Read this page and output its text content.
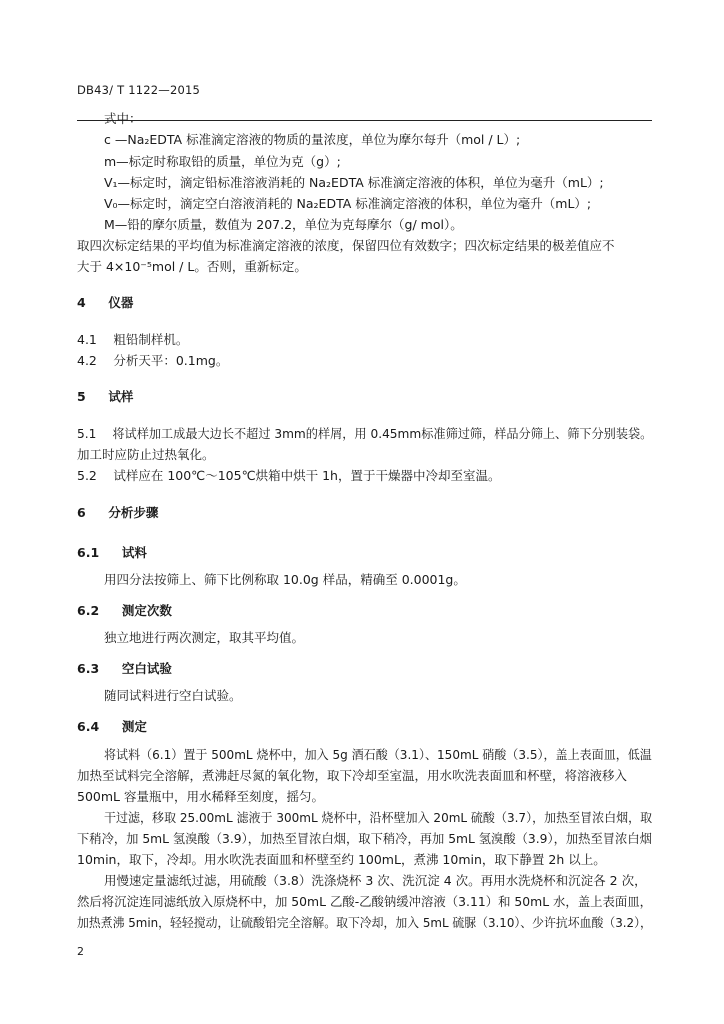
DB43/ T 1122—2015
式中：
c —Na₂EDTA 标准滴定溶液的物质的量浓度，单位为摩尔每升（mol / L）;
m—标定时称取铅的质量，单位为克（g）;
V₁—标定时，滴定铅标准溶液消耗的 Na₂EDTA 标准滴定溶液的体积，单位为毫升（mL）;
V₀—标定时，滴定空白溶液消耗的 Na₂EDTA 标准滴定溶液的体积，单位为毫升（mL）;
M—铅的摩尔质量，数值为 207.2，单位为克每摩尔（g/ mol）。
取四次标定结果的平均值为标准滴定溶液的浓度，保留四位有效数字；四次标定结果的极差值应不
大于 4×10⁻⁵mol / L。否则，重新标定。
4 仪器
4.1　 粗铅制样机。
4.2　 分析天平：0.1mg。
5 试样
5.1　 将试样加工成最大边长不超过 3mm的样屑，用 0.45mm标准筛过筛，样品分筛上、筛下分别装袋。
加工时应防止过热氧化。
5.2　 试样应在 100℃～105℃烘箱中烘干 1h，置于干燥器中冷却至室温。
6 分析步骤
6.1 试料
用四分法按筛上、筛下比例称取 10.0g 样品，精确至 0.0001g。
6.2 测定次数
独立地进行两次测定，取其平均值。
6.3 空白试验
随同试料进行空白试验。
6.4 测定
将试料（6.1）置于 500mL 烧杯中，加入 5g 酒石酸（3.1）、150mL 硝酸（3.5），盖上表面皿，低温
加热至试料完全溶解，煮沸赶尽氮的氧化物，取下冷却至室温，用水吹洗表面皿和杯壁，将溶液移入
500mL 容量瓶中，用水稀释至刻度，摇匀。
干过滤，移取 25.00mL 滤液于 300mL 烧杯中，沿杯壁加入 20mL 硫酸（3.7），加热至冒浓白烟，取
下稍冷，加 5mL 氢溴酸（3.9），加热至冒浓白烟，取下稍冷，再加 5mL 氢溴酸（3.9），加热至冒浓白烟
10min，取下，冷却。用水吹洗表面皿和杯壁至约 100mL，煮沸 10min，取下静置 2h 以上。
用慢速定量滤纸过滤，用硫酸（3.8）洗涤烧杯 3 次、洗沉淀 4 次。再用水洗烧杯和沉淀各 2 次，
然后将沉淀连同滤纸放入原烧杯中，加 50mL 乙酸-乙酸钠缓冲溶液（3.11）和 50mL 水，盖上表面皿，
加热煮沸 5min，轻轻搅动，让硫酸铅完全溶解。取下冷却，加入 5mL 硫脲（3.10）、少许抗坏血酸（3.2），
2
